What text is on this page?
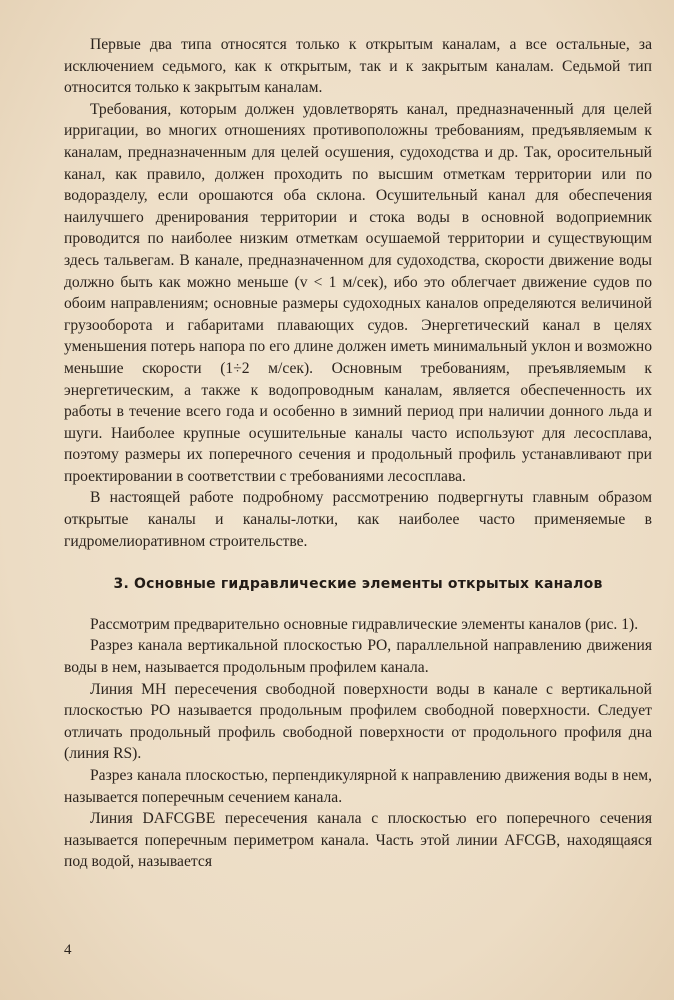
Первые два типа относятся только к открытым каналам, а все остальные, за исключением седьмого, как к открытым, так и к закрытым каналам. Седьмой тип относится только к закрытым каналам.

Требования, которым должен удовлетворять канал, предназначенный для целей ирригации, во многих отношениях противоположны требованиям, предъявляемым к каналам, предназначенным для целей осушения, судоходства и др. Так, оросительный канал, как правило, должен проходить по высшим отметкам территории или по водоразделу, если орошаются оба склона. Осушительный канал для обеспечения наилучшего дренирования территории и стока воды в основной водоприемник проводится по наиболее низким отметкам осушаемой территории и существующим здесь тальвегам. В канале, предназначенном для судоходства, скорости движение воды должно быть как можно меньше (v < 1 м/сек), ибо это облегчает движение судов по обоим направлениям; основные размеры судоходных каналов определяются величиной грузооборота и габаритами плавающих судов. Энергетический канал в целях уменьшения потерь напора по его длине должен иметь минимальный уклон и возможно меньшие скорости (1÷2 м/сек). Основным требованиям, преъявляемым к энергетическим, а также к водопроводным каналам, является обеспеченность их работы в течение всего года и особенно в зимний период при наличии донного льда и шуги. Наиболее крупные осушительные каналы часто используют для лесосплава, поэтому размеры их поперечного сечения и продольный профиль устанавливают при проектировании в соответствии с требованиями лесосплава.

В настоящей работе подробному рассмотрению подвергнуты главным образом открытые каналы и каналы-лотки, как наиболее часто применяемые в гидромелиоративном строительстве.

3. Основные гидравлические элементы открытых каналов

Рассмотрим предварительно основные гидравлические элементы каналов (рис. 1).

Разрез канала вертикальной плоскостью PO, параллельной направлению движения воды в нем, называется продольным профилем канала.

Линия MH пересечения свободной поверхности воды в канале с вертикальной плоскостью PO называется продольным профилем свободной поверхности. Следует отличать продольный профиль свободной поверхности от продольного профиля дна (линия RS).

Разрез канала плоскостью, перпендикулярной к направлению движения воды в нем, называется поперечным сечением канала.

Линия DAFCGBE пересечения канала с плоскостью его поперечного сечения называется поперечным периметром канала. Часть этой линии AFCGB, находящаяся под водой, называется

4
